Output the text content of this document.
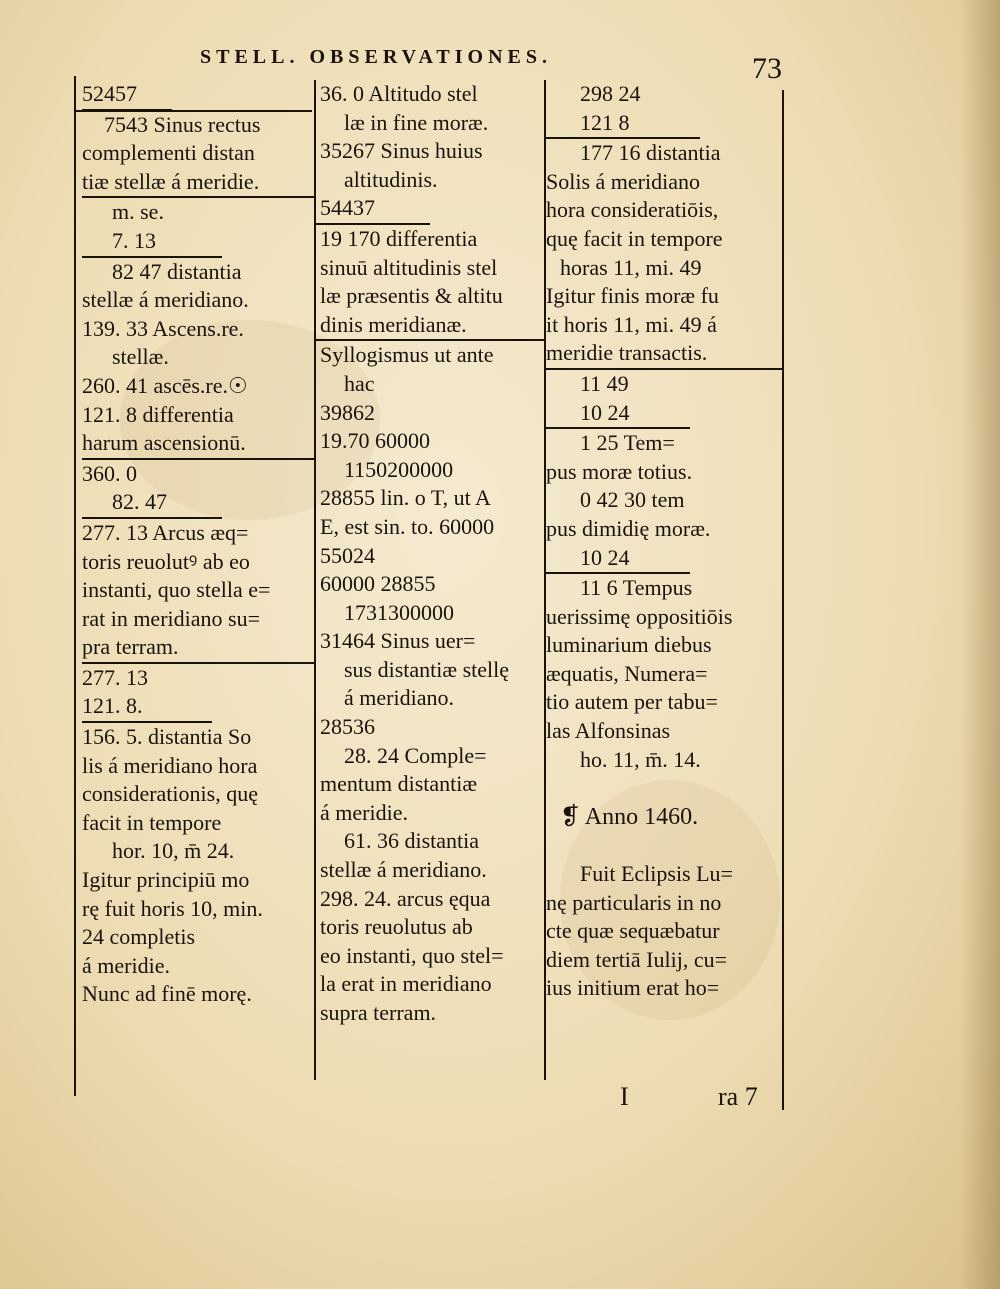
STELL. OBSERVATIONES.	73
52457
7543 Sinus rectus
complementi distan
tiæ stellæ á meridie.
m. se.
7. 13
82 47 distantia
stellæ á meridiano.
139. 33 Ascens.re.
stellæ.
260. 41 ascēs.re.☉
121. 8 differentia
harum ascensionū.
360. 0
82. 47
277. 13 Arcus æq=
toris reuolutꝰ ab eo
instanti, quo stella e=
rat in meridiano su=
pra terram.
277. 13
121. 8.
156. 5. distantia So
lis á meridiano hora
considerationis, quę
facit in tempore
hor. 10, m̄ 24.
Igitur principiū mo
rę fuit horis 10, min.
24 completis
á meridie.
Nunc ad finē morę.
36. 0 Altitudo stel
læ in fine moræ.
35267 Sinus huius
altitudinis.
54437
19 170 differentia
sinuū altitudinis stel
læ præsentis & altitu
dinis meridianæ.
Syllogismus ut ante
hac
39862
19.70 60000
1150200000
28855 lin. o T, ut A
E, est sin. to. 60000
55024
60000 28855
1731300000
31464 Sinus uer=
sus distantiæ stellę
á meridiano.
28536
28. 24 Comple=
mentum distantiæ
á meridie.
61. 36 distantia
stellæ á meridiano.
298. 24. arcus ęqua
toris reuolutus ab
eo instanti, quo stel=
la erat in meridiano
supra terram.
298 24
121 8
177 16 distantia
Solis á meridiano
hora consideratiōis,
quę facit in tempore
horas 11, mi. 49
Igitur finis moræ fu
it horis 11, mi. 49 á
meridie transactis.
11 49
10 24
1 25 Tem=
pus moræ totius.
0 42 30 tem
pus dimidię moræ.
10 24
11 6 Tempus
uerissimę oppositiōis
luminarium diebus
æquatis, Numera=
tio autem per tabu=
las Alfonsinas
ho. 11, m̄. 14.
❡ Anno 1460.
Fuit Eclipsis Lu=
nę particularis in no
cte quæ sequæbatur
diem tertiā Iulij, cu=
ius initium erat ho=
I	ra 7
